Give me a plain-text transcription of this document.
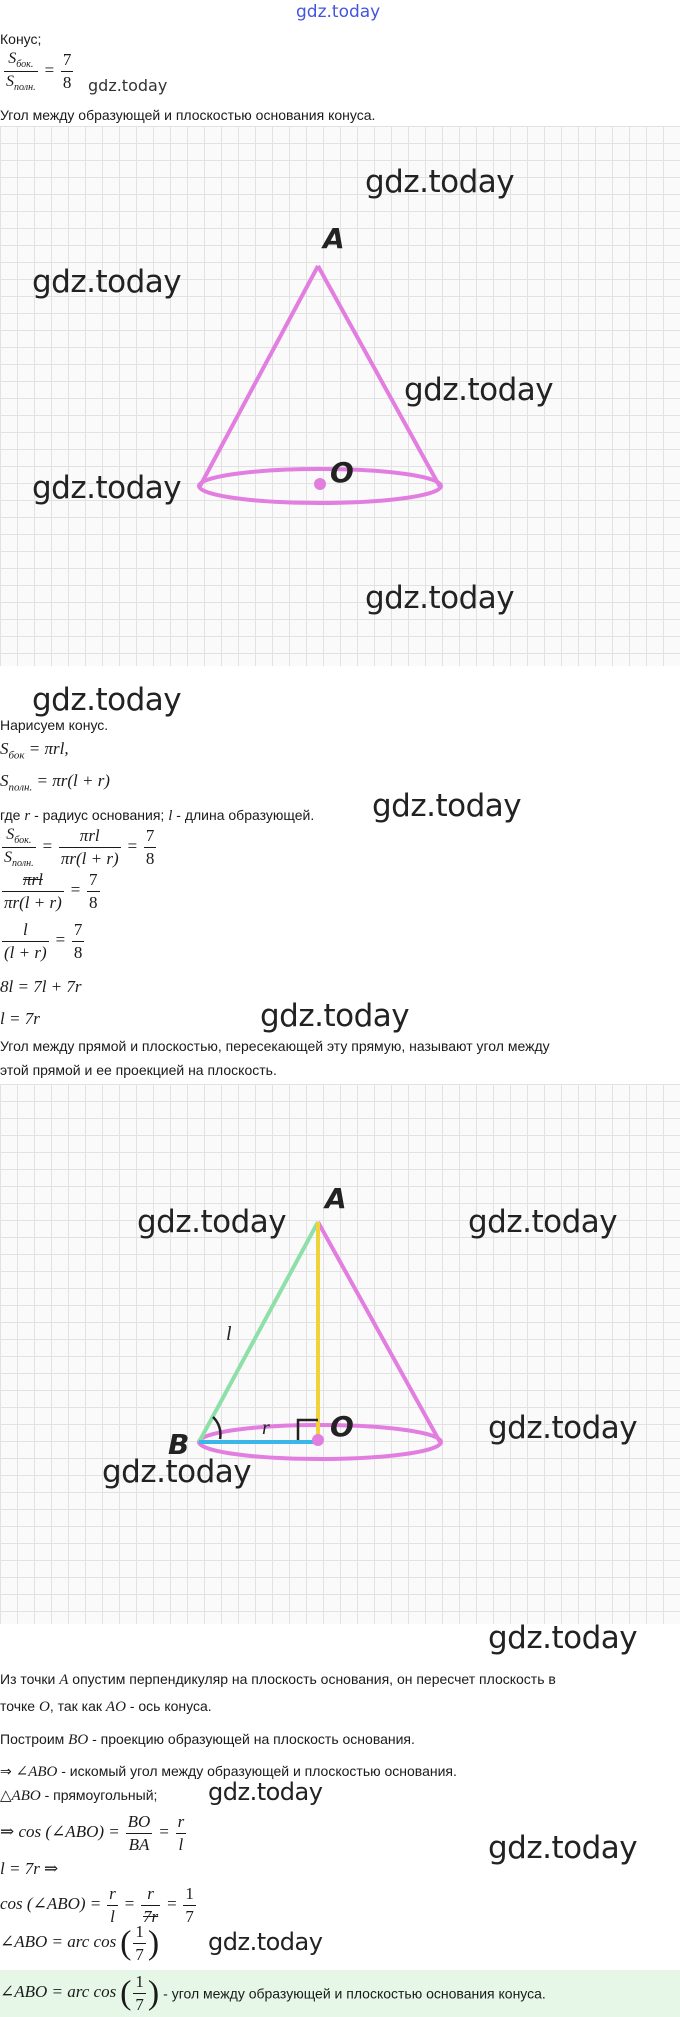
gdz.today
Конус;
$\frac{S_{бок.}}{S_{полн.}} = \frac{7}{8}$ gdz.today
Угол между образующей и плоскостью основания конуса.
A
O
gdz.today
gdz.today
gdz.today
gdz.today
gdz.today
gdz.today
Нарисуем конус.
$S_{бок} = \pi rl$,
$S_{полн.} = \pi r(l + r)$
где r - радиус основания; l - длина образующей. gdz.today
$\frac{S_{бок.}}{S_{полн.}} = \frac{\text{πrl}}{\pi r(l + r)} = \frac{7}{8}$
$\frac{\text{πrl}}{\pi r(l + r)} = \frac{7}{8}$
$\frac{l}{(l + r)} = \frac{7}{8}$
8l = 7l + 7r
l = 7r	gdz.today
Угол между прямой и плоскостью, пересекающей эту прямую, называют угол между
этой прямой и ее проекцией на плоскость.
A
B
O
l
r
gdz.today	gdz.today
gdz.today
gdz.today
gdz.today
Из точки A опустим перпендикуляр на плоскость основания, он пересчет плоскость в
точке O, так как AO - ось конуса.
Построим BO - проекцию образующей на плоскость основания.
⇒ ∠ABO - искомый угол между образующей и плоскостью основания.
△ABO - прямоугольный; gdz.today
⇒ cos (∠ABO) = $\frac{BO}{BA} = \frac{r}{l}$
l = 7r ⇒
gdz.today
cos (∠ABO) = $\frac{r}{l} = \frac{r}{7r} = \frac{1}{7}$
∠ABO = arc cos ( $\frac{1}{7}$ ) gdz.today
∠ABO = arc cos ( $\frac{1}{7}$ ) - угол между образующей и плоскостью основания конуса.
